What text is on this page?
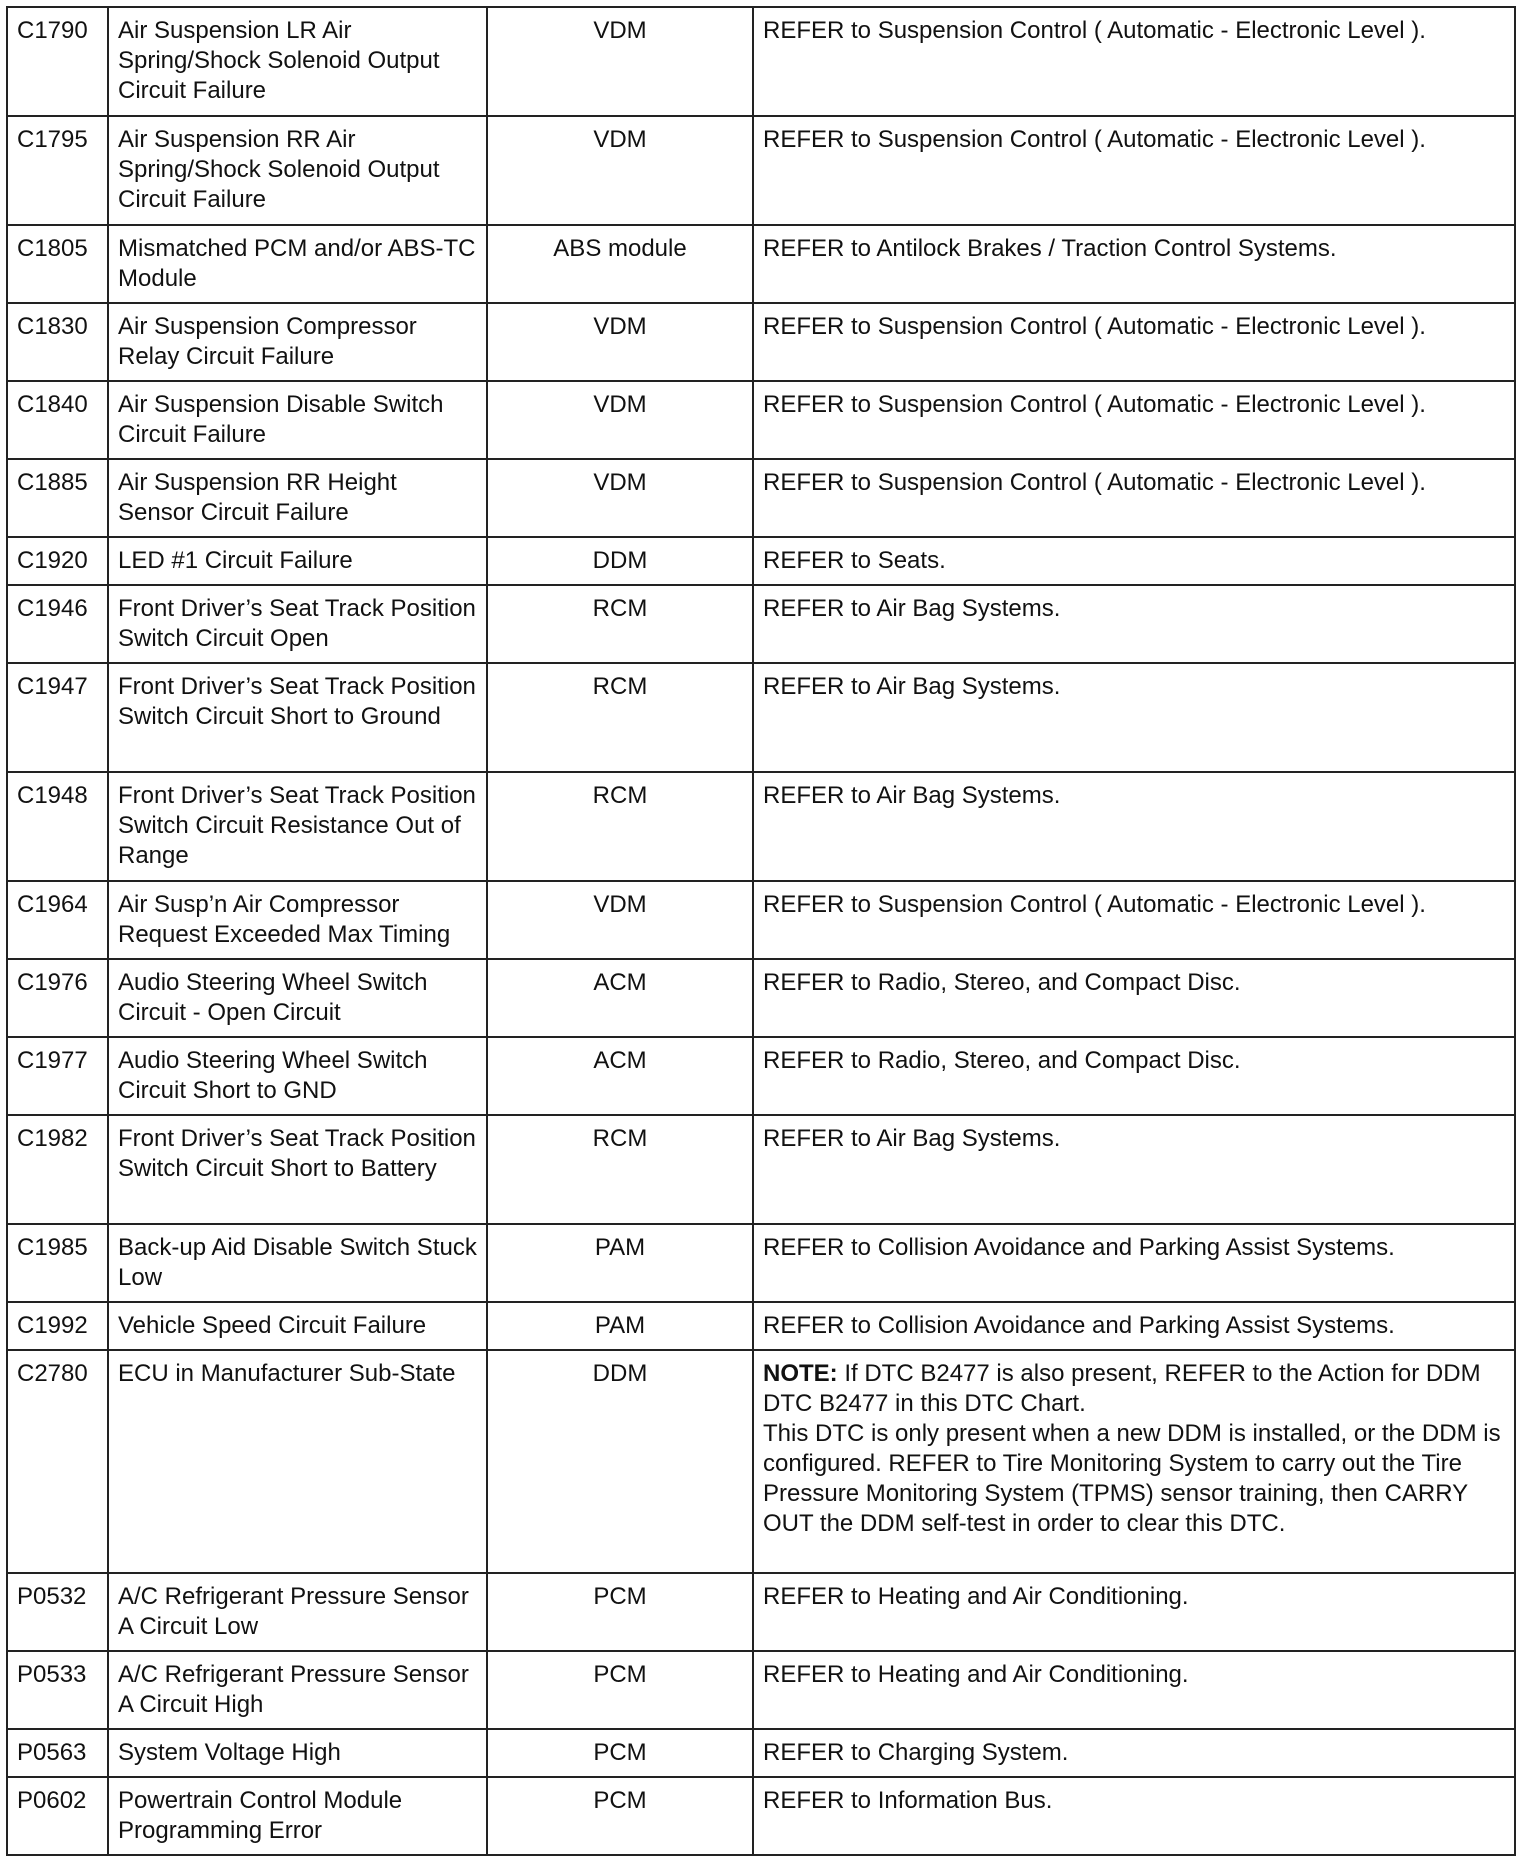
C1790	Air Suspension LR Air Spring/Shock Solenoid Output Circuit Failure	VDM	REFER to Suspension Control ( Automatic - Electronic Level ).
C1795	Air Suspension RR Air Spring/Shock Solenoid Output Circuit Failure	VDM	REFER to Suspension Control ( Automatic - Electronic Level ).
C1805	Mismatched PCM and/or ABS-TC Module	ABS module	REFER to Antilock Brakes / Traction Control Systems.
C1830	Air Suspension Compressor Relay Circuit Failure	VDM	REFER to Suspension Control ( Automatic - Electronic Level ).
C1840	Air Suspension Disable Switch Circuit Failure	VDM	REFER to Suspension Control ( Automatic - Electronic Level ).
C1885	Air Suspension RR Height Sensor Circuit Failure	VDM	REFER to Suspension Control ( Automatic - Electronic Level ).
C1920	LED #1 Circuit Failure	DDM	REFER to Seats.
C1946	Front Driver’s Seat Track Position Switch Circuit Open	RCM	REFER to Air Bag Systems.
C1947	Front Driver’s Seat Track Position Switch Circuit Short to Ground	RCM	REFER to Air Bag Systems.
C1948	Front Driver’s Seat Track Position Switch Circuit Resistance Out of Range	RCM	REFER to Air Bag Systems.
C1964	Air Susp’n Air Compressor Request Exceeded Max Timing	VDM	REFER to Suspension Control ( Automatic - Electronic Level ).
C1976	Audio Steering Wheel Switch Circuit - Open Circuit	ACM	REFER to Radio, Stereo, and Compact Disc.
C1977	Audio Steering Wheel Switch Circuit Short to GND	ACM	REFER to Radio, Stereo, and Compact Disc.
C1982	Front Driver’s Seat Track Position Switch Circuit Short to Battery	RCM	REFER to Air Bag Systems.
C1985	Back-up Aid Disable Switch Stuck Low	PAM	REFER to Collision Avoidance and Parking Assist Systems.
C1992	Vehicle Speed Circuit Failure	PAM	REFER to Collision Avoidance and Parking Assist Systems.
C2780	ECU in Manufacturer Sub-State	DDM	NOTE: If DTC B2477 is also present, REFER to the Action for DDM DTC B2477 in this DTC Chart.
This DTC is only present when a new DDM is installed, or the DDM is configured. REFER to Tire Monitoring System to carry out the Tire Pressure Monitoring System (TPMS) sensor training, then CARRY OUT the DDM self-test in order to clear this DTC.

P0532	A/C Refrigerant Pressure Sensor A Circuit Low	PCM	REFER to Heating and Air Conditioning.
P0533	A/C Refrigerant Pressure Sensor A Circuit High	PCM	REFER to Heating and Air Conditioning.
P0563	System Voltage High	PCM	REFER to Charging System.
P0602	Powertrain Control Module Programming Error	PCM	REFER to Information Bus.
